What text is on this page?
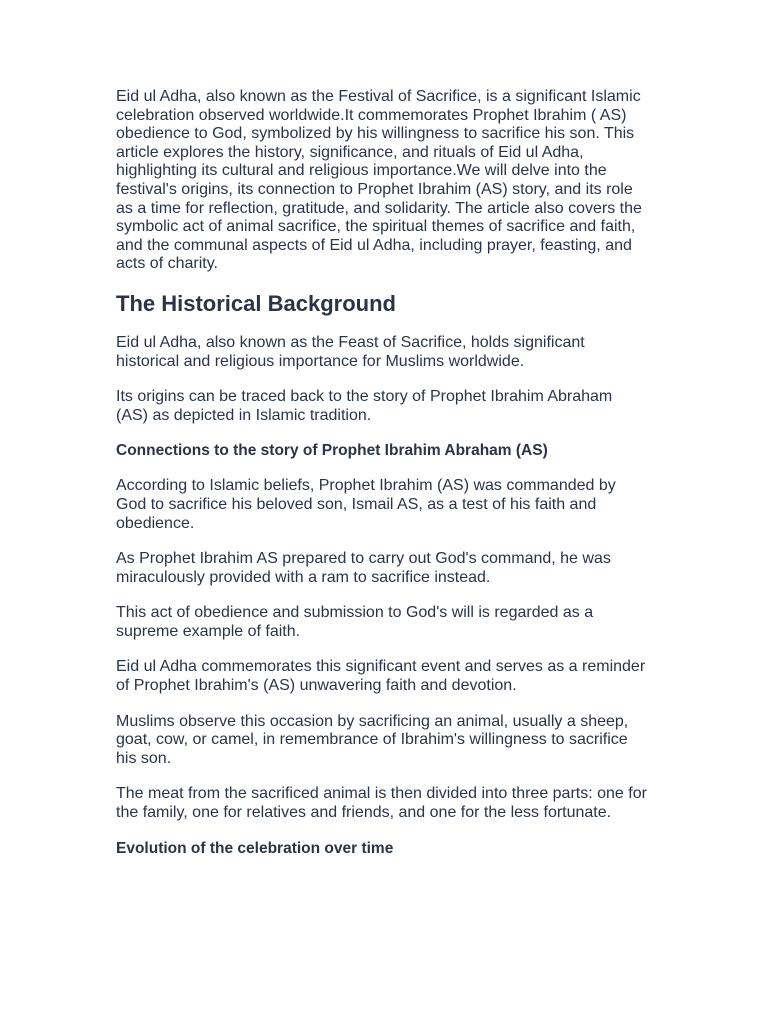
Eid ul Adha, also known as the Festival of Sacrifice, is a significant Islamic celebration observed worldwide.It commemorates Prophet Ibrahim ( AS)  obedience to God, symbolized by his willingness to sacrifice his son. This article explores the history, significance, and rituals of Eid ul Adha, highlighting its cultural and religious importance.We will delve into the festival's origins, its connection to Prophet Ibrahim (AS) story, and its role as a time for reflection, gratitude, and solidarity. The article also covers the symbolic act of animal sacrifice, the spiritual themes of sacrifice and faith, and the communal aspects of Eid ul Adha, including prayer, feasting, and acts of charity.

The Historical Background

Eid ul Adha, also known as the Feast of Sacrifice, holds significant historical and religious importance for Muslims worldwide.

Its origins can be traced back to the story of Prophet Ibrahim Abraham (AS) as depicted in Islamic tradition.

Connections to the story of Prophet Ibrahim Abraham (AS)

According to Islamic beliefs, Prophet Ibrahim (AS) was commanded by God to sacrifice his beloved son, Ismail AS, as a test of his faith and obedience.

As Prophet Ibrahim AS prepared to carry out God's command, he was miraculously provided with a ram to sacrifice instead.

This act of obedience and submission to God's will is regarded as a supreme example of faith.

Eid ul Adha commemorates this significant event and serves as a reminder of Prophet Ibrahim's (AS) unwavering faith and devotion.

Muslims observe this occasion by sacrificing an animal, usually a sheep, goat, cow, or camel, in remembrance of Ibrahim's willingness to sacrifice his son.

The meat from the sacrificed animal is then divided into three parts: one for the family, one for relatives and friends, and one for the less fortunate.

Evolution of the celebration over time
